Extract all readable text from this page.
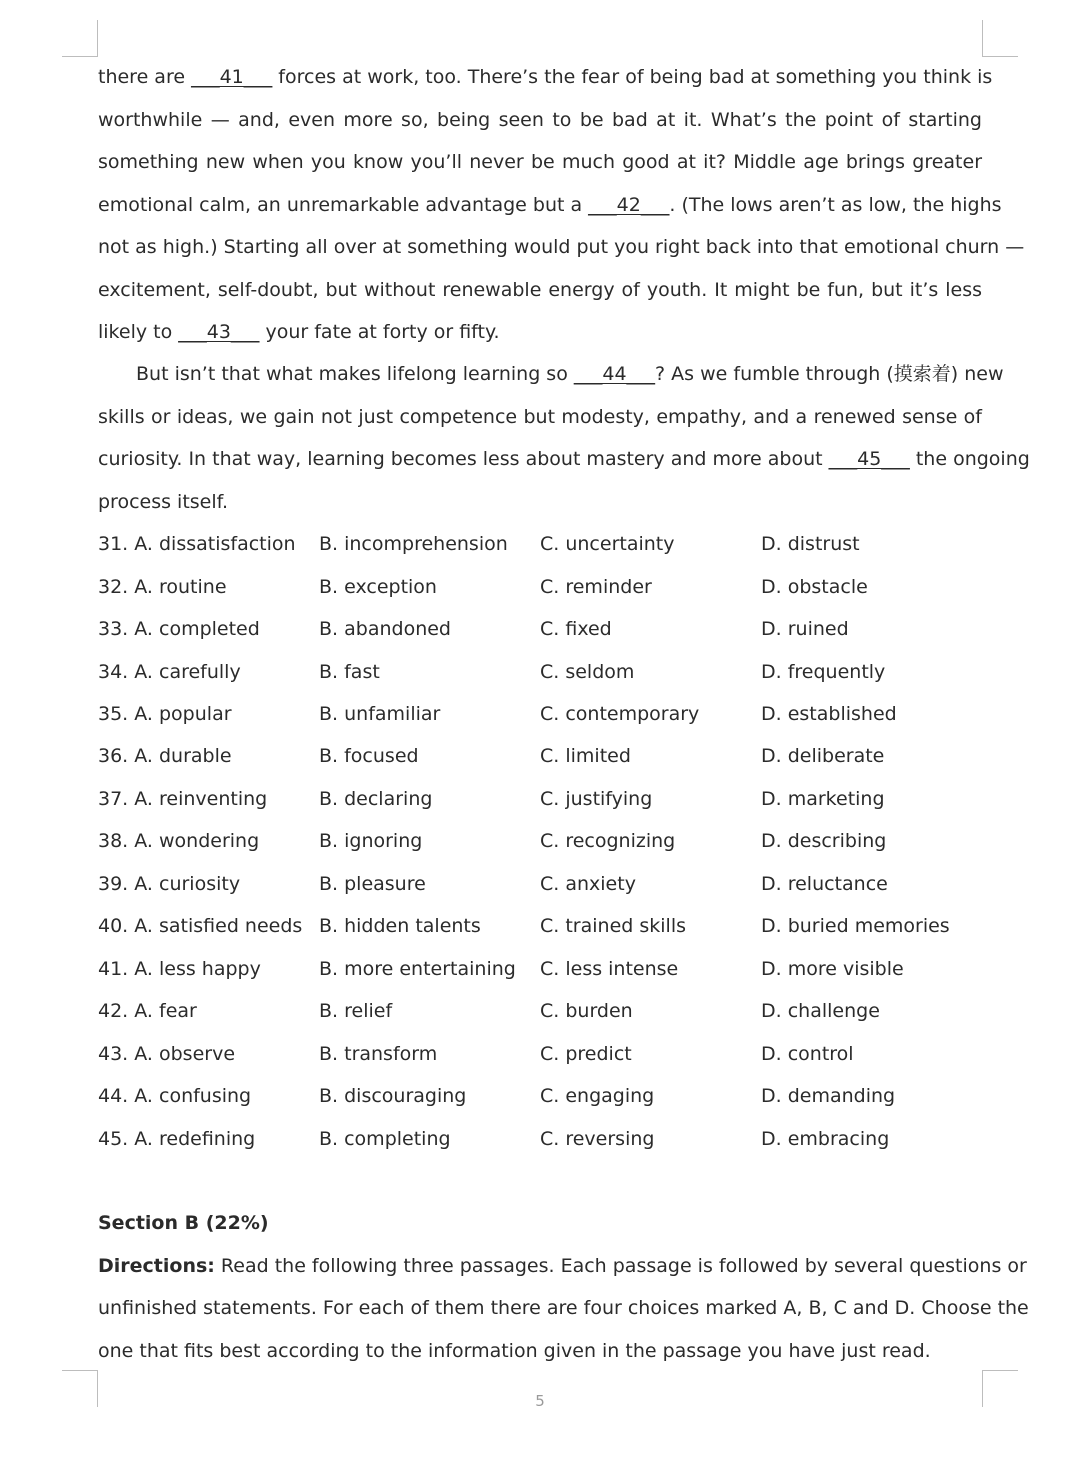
there are ___41___ forces at work, too. There’s the fear of being bad at something you think is
worthwhile — and, even more so, being seen to be bad at it. What’s the point of starting
something new when you know you’ll never be much good at it? Middle age brings greater
emotional calm, an unremarkable advantage but a ___42___. (The lows aren’t as low, the highs
not as high.) Starting all over at something would put you right back into that emotional churn —
excitement, self-doubt, but without renewable energy of youth. It might be fun, but it’s less
likely to ___43___ your fate at forty or fifty.
But isn’t that what makes lifelong learning so ___44___? As we fumble through (摸索着) new
skills or ideas, we gain not just competence but modesty, empathy, and a renewed sense of
curiosity. In that way, learning becomes less about mastery and more about ___45___ the ongoing
process itself.
31. A. dissatisfaction B. incomprehension C. uncertainty	D. distrust
32. A. routine	B. exception	C. reminder	D. obstacle
33. A. completed	B. abandoned	C. fixed	D. ruined
34. A. carefully	B. fast	C. seldom	D. frequently
35. A. popular	B. unfamiliar	C. contemporary	D. established
36. A. durable	B. focused	C. limited	D. deliberate
37. A. reinventing	B. declaring	C. justifying	D. marketing
38. A. wondering	B. ignoring	C. recognizing	D. describing
39. A. curiosity	B. pleasure	C. anxiety	D. reluctance
40. A. satisfied needs B. hidden talents	C. trained skills	D. buried memories
41. A. less happy	B. more entertaining C. less intense	D. more visible
42. A. fear	B. relief	C. burden	D. challenge
43. A. observe	B. transform	C. predict	D. control
44. A. confusing	B. discouraging	C. engaging	D. demanding
45. A. redefining	B. completing	C. reversing	D. embracing
Section B (22%)
Directions: Read the following three passages. Each passage is followed by several questions or
unfinished statements. For each of them there are four choices marked A, B, C and D. Choose the
one that fits best according to the information given in the passage you have just read.
5
